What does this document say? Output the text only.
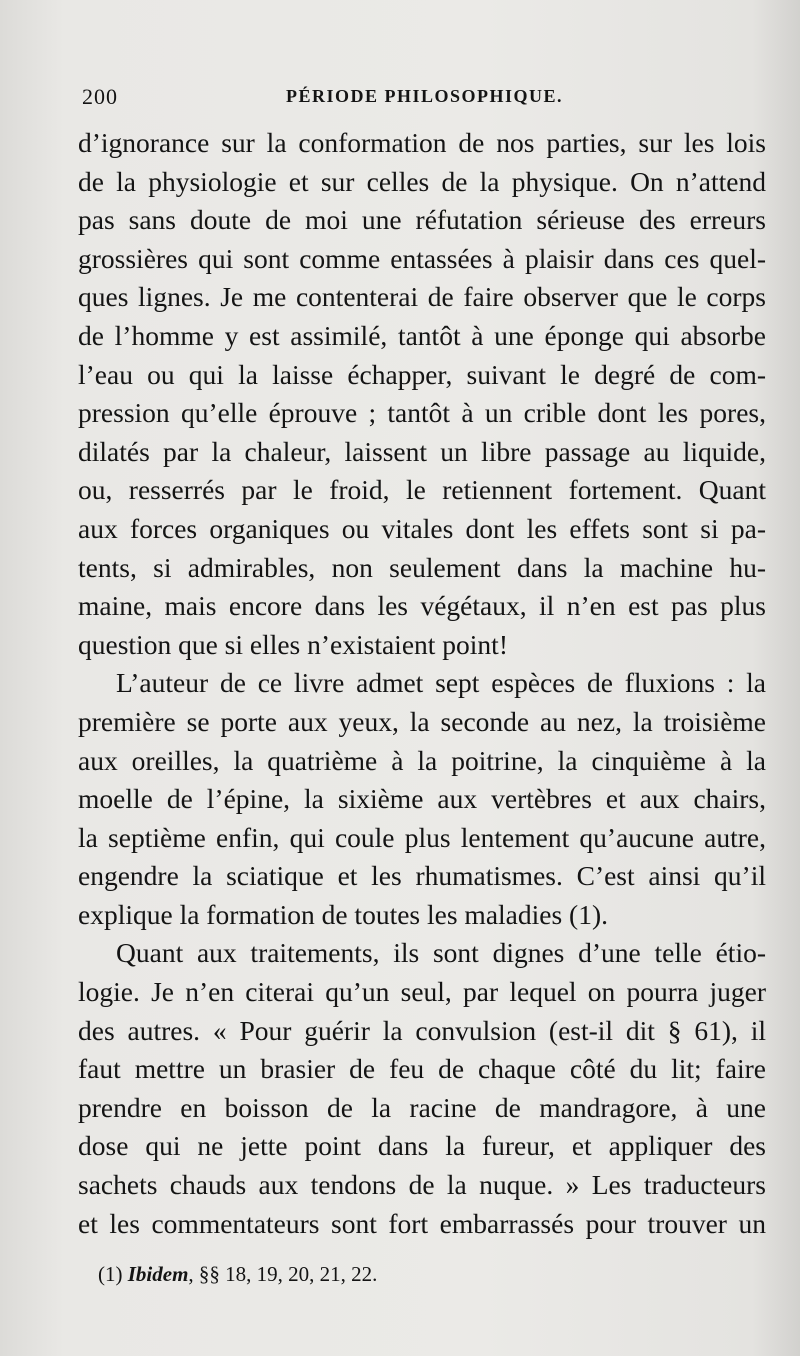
200	PÉRIODE PHILOSOPHIQUE.
d’ignorance sur la conformation de nos parties, sur les lois
de la physiologie et sur celles de la physique. On n’attend
pas sans doute de moi une réfutation sérieuse des erreurs
grossières qui sont comme entassées à plaisir dans ces quel-
ques lignes. Je me contenterai de faire observer que le corps
de l’homme y est assimilé, tantôt à une éponge qui absorbe
l’eau ou qui la laisse échapper, suivant le degré de com-
pression qu’elle éprouve ; tantôt à un crible dont les pores,
dilatés par la chaleur, laissent un libre passage au liquide,
ou, resserrés par le froid, le retiennent fortement. Quant
aux forces organiques ou vitales dont les effets sont si pa-
tents, si admirables, non seulement dans la machine hu-
maine, mais encore dans les végétaux, il n’en est pas plus
question que si elles n’existaient point!
L’auteur de ce livre admet sept espèces de fluxions : la
première se porte aux yeux, la seconde au nez, la troisième
aux oreilles, la quatrième à la poitrine, la cinquième à la
moelle de l’épine, la sixième aux vertèbres et aux chairs,
la septième enfin, qui coule plus lentement qu’aucune autre,
engendre la sciatique et les rhumatismes. C’est ainsi qu’il
explique la formation de toutes les maladies (1).
Quant aux traitements, ils sont dignes d’une telle étio-
logie. Je n’en citerai qu’un seul, par lequel on pourra juger
des autres. « Pour guérir la convulsion (est-il dit § 61), il
faut mettre un brasier de feu de chaque côté du lit; faire
prendre en boisson de la racine de mandragore, à une
dose qui ne jette point dans la fureur, et appliquer des
sachets chauds aux tendons de la nuque. » Les traducteurs
et les commentateurs sont fort embarrassés pour trouver un
(1) Ibidem, §§ 18, 19, 20, 21, 22.
